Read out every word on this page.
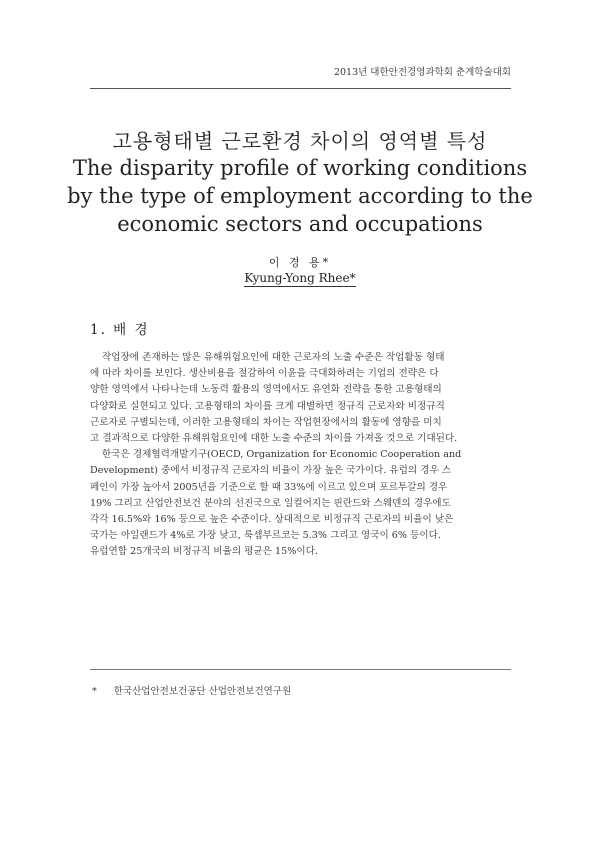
2013년 대한안전경영과학회 춘계학술대회
고용형태별 근로환경 차이의 영역별 특성
The disparity profile of working conditions
by the type of employment according to the
economic sectors and occupations
이 경 용*
Kyung-Yong Rhee*
1. 배 경
작업장에 존재하는 많은 유해위험요인에 대한 근로자의 노출 수준은 작업활동 형태
에 따라 차이를 보인다. 생산비용을 절감하여 이윤을 극대화하려는 기업의 전략은 다
양한 영역에서 나타나는데 노동력 활용의 영역에서도 유연화 전략을 통한 고용형태의
다양화로 실현되고 있다. 고용형태의 차이를 크게 대별하면 정규직 근로자와 비정규직
근로자로 구별되는데, 이러한 고용형태의 차이는 작업현장에서의 활동에 영향을 미치
고 결과적으로 다양한 유해위험요인에 대한 노출 수준의 차이를 가져올 것으로 기대된다.
한국은 경제협력개발기구(OECD, Organization for Economic Cooperation and
Development) 중에서 비정규직 근로자의 비율이 가장 높은 국가이다. 유럽의 경우 스
페인이 가장 높아서 2005년을 기준으로 할 때 33%에 이르고 있으며 포르투갈의 경우
19% 그리고 산업안전보건 분야의 선진국으로 일컬어지는 핀란드와 스웨덴의 경우에도
각각 16.5%와 16% 등으로 높은 수준이다. 상대적으로 비정규직 근로자의 비율이 낮은
국가는 아일랜드가 4%로 가장 낮고, 룩셈부르코는 5.3% 그리고 영국이 6% 등이다.
유럽연합 25개국의 비정규직 비율의 평균은 15%이다.
* 한국산업안전보건공단 산업안전보건연구원
